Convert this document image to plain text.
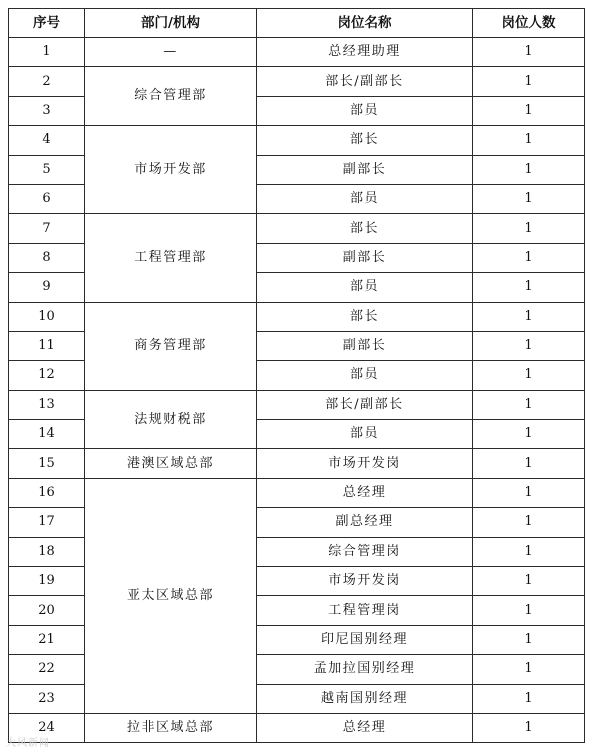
序号	部门/机构	岗位名称	岗位人数
1	—	总经理助理	1
2	综合管理部	部长/副部长	1
3		部员	1
4	市场开发部	部长	1
5		副部长	1
6		部员	1
7	工程管理部	部长	1
8		副部长	1
9		部员	1
10	商务管理部	部长	1
11		副部长	1
12		部员	1
13	法规财税部	部长/副部长	1
14		部员	1
15	港澳区域总部	市场开发岗	1
16	亚太区域总部	总经理	1
17		副总经理	1
18		综合管理岗	1
19		市场开发岗	1
20		工程管理岗	1
21		印尼国别经理	1
22		孟加拉国别经理	1
23		越南国别经理	1
24	拉非区域总部	总经理	1
大风新闻
